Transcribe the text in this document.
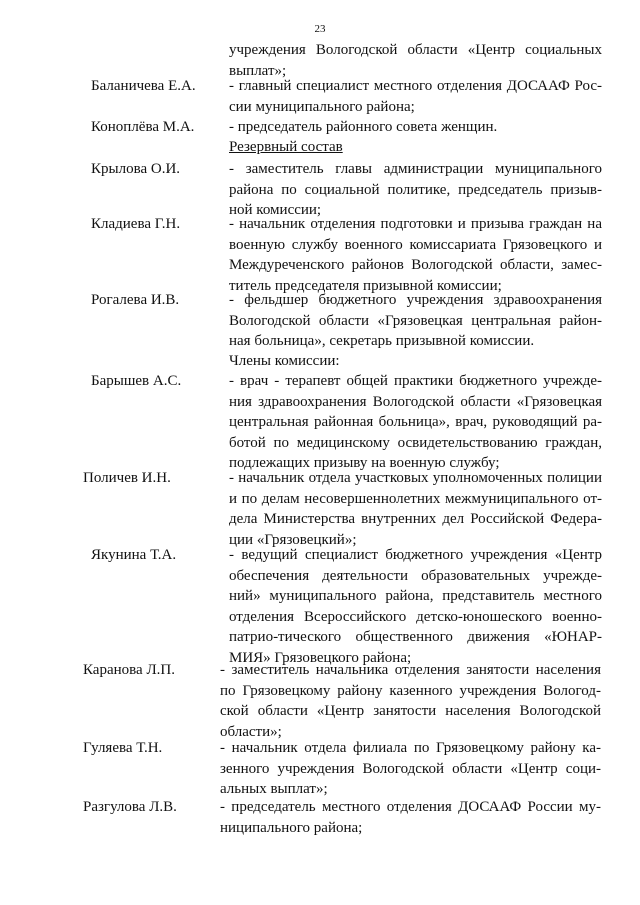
23
учреждения Вологодской области «Центр социальных
выплат»;
Баланичева Е.А. - главный специалист местного отделения ДОСААФ Рос-
сии муниципального района;
Коноплёва М.А. - председатель районного совета женщин.
Резервный состав
Крылова О.И.	- заместитель главы администрации муниципального
района по социальной политике, председатель призыв-
ной комиссии;
Кладиева Г.Н.	- начальник отделения подготовки и призыва граждан на
военную службу военного комиссариата Грязовецкого и
Междуреченского районов Вологодской области, замес-
титель председателя призывной комиссии;
Рогалева И.В.	- фельдшер бюджетного учреждения здравоохранения
Вологодской области «Грязовецкая центральная район-
ная больница», секретарь призывной комиссии.
Члены комиссии:
Барышев А.С.	- врач - терапевт общей практики бюджетного учрежде-
ния здравоохранения Вологодской области «Грязовецкая
центральная районная больница», врач, руководящий ра-
ботой по медицинскому освидетельствованию граждан,
подлежащих призыву на военную службу;
Поличев И.Н.	- начальник отдела участковых уполномоченных полиции
и по делам несовершеннолетних межмуниципального от-
дела Министерства внутренних дел Российской Федера-
ции «Грязовецкий»;
Якунина Т.А.	- ведущий специалист бюджетного учреждения «Центр
обеспечения деятельности образовательных учрежде-
ний» муниципального района, представитель местного
отделения Всероссийского детско-юношеского военно-
патрио-тического общественного движения «ЮНАР-
МИЯ» Грязовецкого района;
Каранова Л.П.	- заместитель начальника отделения занятости населения
по Грязовецкому району казенного учреждения Вологод-
ской области «Центр занятости населения Вологодской
области»;
Гуляева Т.Н.	- начальник отдела филиала по Грязовецкому району ка-
зенного учреждения Вологодской области «Центр соци-
альных выплат»;
Разгулова Л.В.	- председатель местного отделения ДОСААФ России му-
ниципального района;
